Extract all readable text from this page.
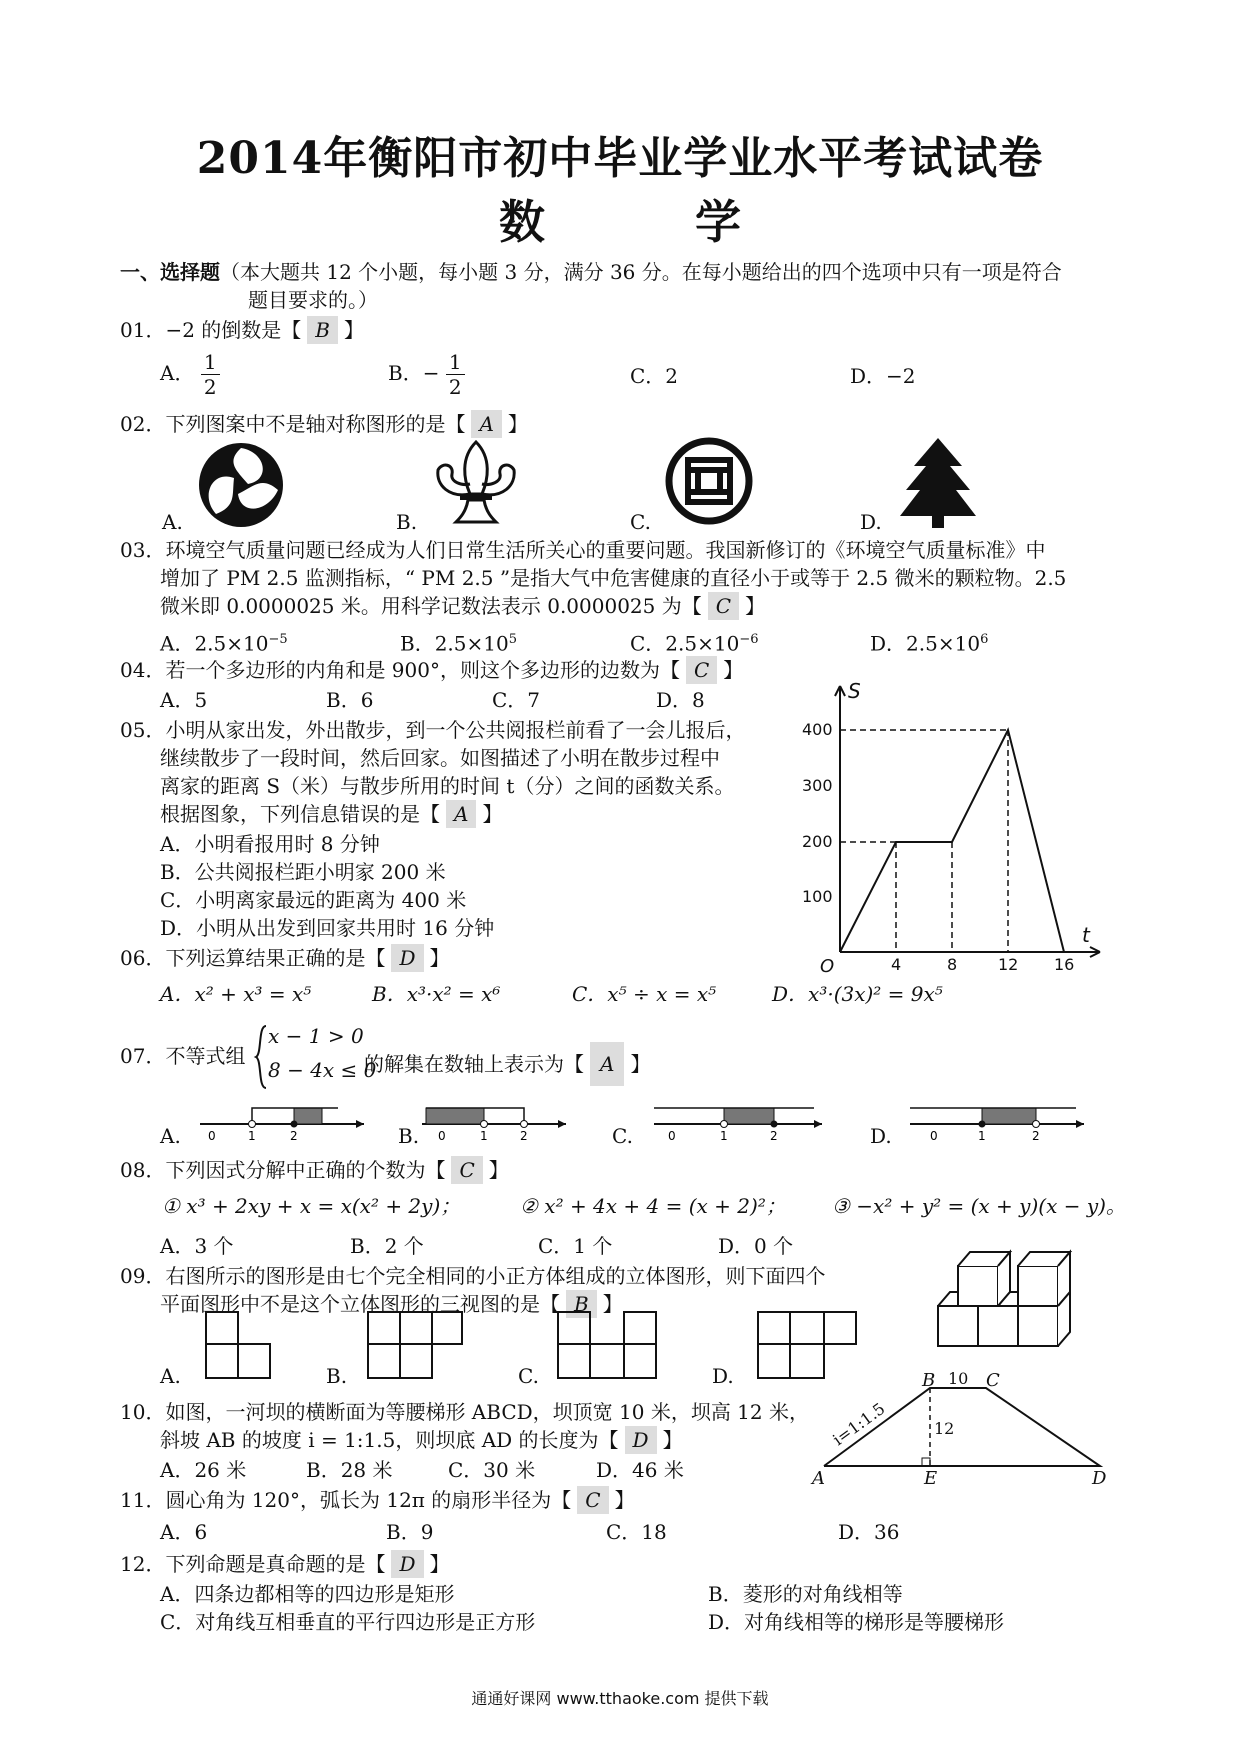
2014年衡阳市初中毕业学业水平考试试卷
数学
一、选择题（本大题共 12 个小题，每小题 3 分，满分 36 分。在每小题给出的四个选项中只有一项是符合
题目要求的。）
01．−2 的倒数是【 B 】
A． $\frac{1}{2}$	B．− $\frac{1}{2}$	C．2	D．−2
02．下列图案中不是轴对称图形的是【 A 】
A.	B.	C.	D.
03．环境空气质量问题已经成为人们日常生活所关心的重要问题。我国新修订的《环境空气质量标准》中
增加了 PM 2.5 监测指标，“ PM 2.5 ”是指大气中危害健康的直径小于或等于 2.5 微米的颗粒物。2.5
微米即 0.0000025 米。用科学记数法表示 0.0000025 为【 C 】
A．$2.5\times 10^{-5}$	B．$2.5\times 10^5$	C．$2.5\times 10^{-6}$	D．$2.5\times 10^6$
04．若一个多边形的内角和是 900°，则这个多边形的边数为【 C 】
A．5	B．6	C．7	D．8
05．小明从家出发，外出散步，到一个公共阅报栏前看了一会儿报后，
继续散步了一段时间，然后回家。如图描述了小明在散步过程中
离家的距离 S（米）与散步所用的时间 t（分）之间的函数关系。
根据图象，下列信息错误的是【 A 】
A．小明看报用时 8 分钟
B．公共阅报栏距小明家 200 米
C．小明离家最远的距离为 400 米
D．小明从出发到回家共用时 16 分钟
S
t
O
100
200
300
400
4	8	12 16
06．下列运算结果正确的是【 D 】
A．x² + x³ = x⁵	B．x³·x² = x⁶	C．x⁵ ÷ x = x⁵	D．x³·(3x)² = 9x⁵
07．不等式组
x − 1 > 0
8 − 4x ≤ 0
的解集在数轴上表示为【 A 】
A.	B.	C.	D.
0	1	2	0	1	2	0	1	2	0	1	2
08．下列因式分解中正确的个数为【 C 】
① x³ + 2xy + x = x(x² + 2y)；	② x² + 4x + 4 = (x + 2)²； ③ −x² + y² = (x + y)(x − y)。
A．3 个	B．2 个	C．1 个	D．0 个
09．右图所示的图形是由七个完全相同的小正方体组成的立体图形，则下面四个
平面图形中不是这个立体图形的三视图的是【 B 】
A.	B.	C.	D.
10．如图，一河坝的横断面为等腰梯形 ABCD，坝顶宽 10 米，坝高 12 米，
斜坡 AB 的坡度 i = 1:1.5，则坝底 AD 的长度为【 D 】
A．26 米	B．28 米	C．30 米	D．46 米	A
B	C
D
E
10
12
i=1:1.5
11．圆心角为 120°，弧长为 12π 的扇形半径为【 C 】
A．6	B．9	C．18	D．36
12．下列命题是真命题的是【 D 】
A．四条边都相等的四边形是矩形	B．菱形的对角线相等
C．对角线互相垂直的平行四边形是正方形	D．对角线相等的梯形是等腰梯形
通通好课网 www.tthaoke.com 提供下载
